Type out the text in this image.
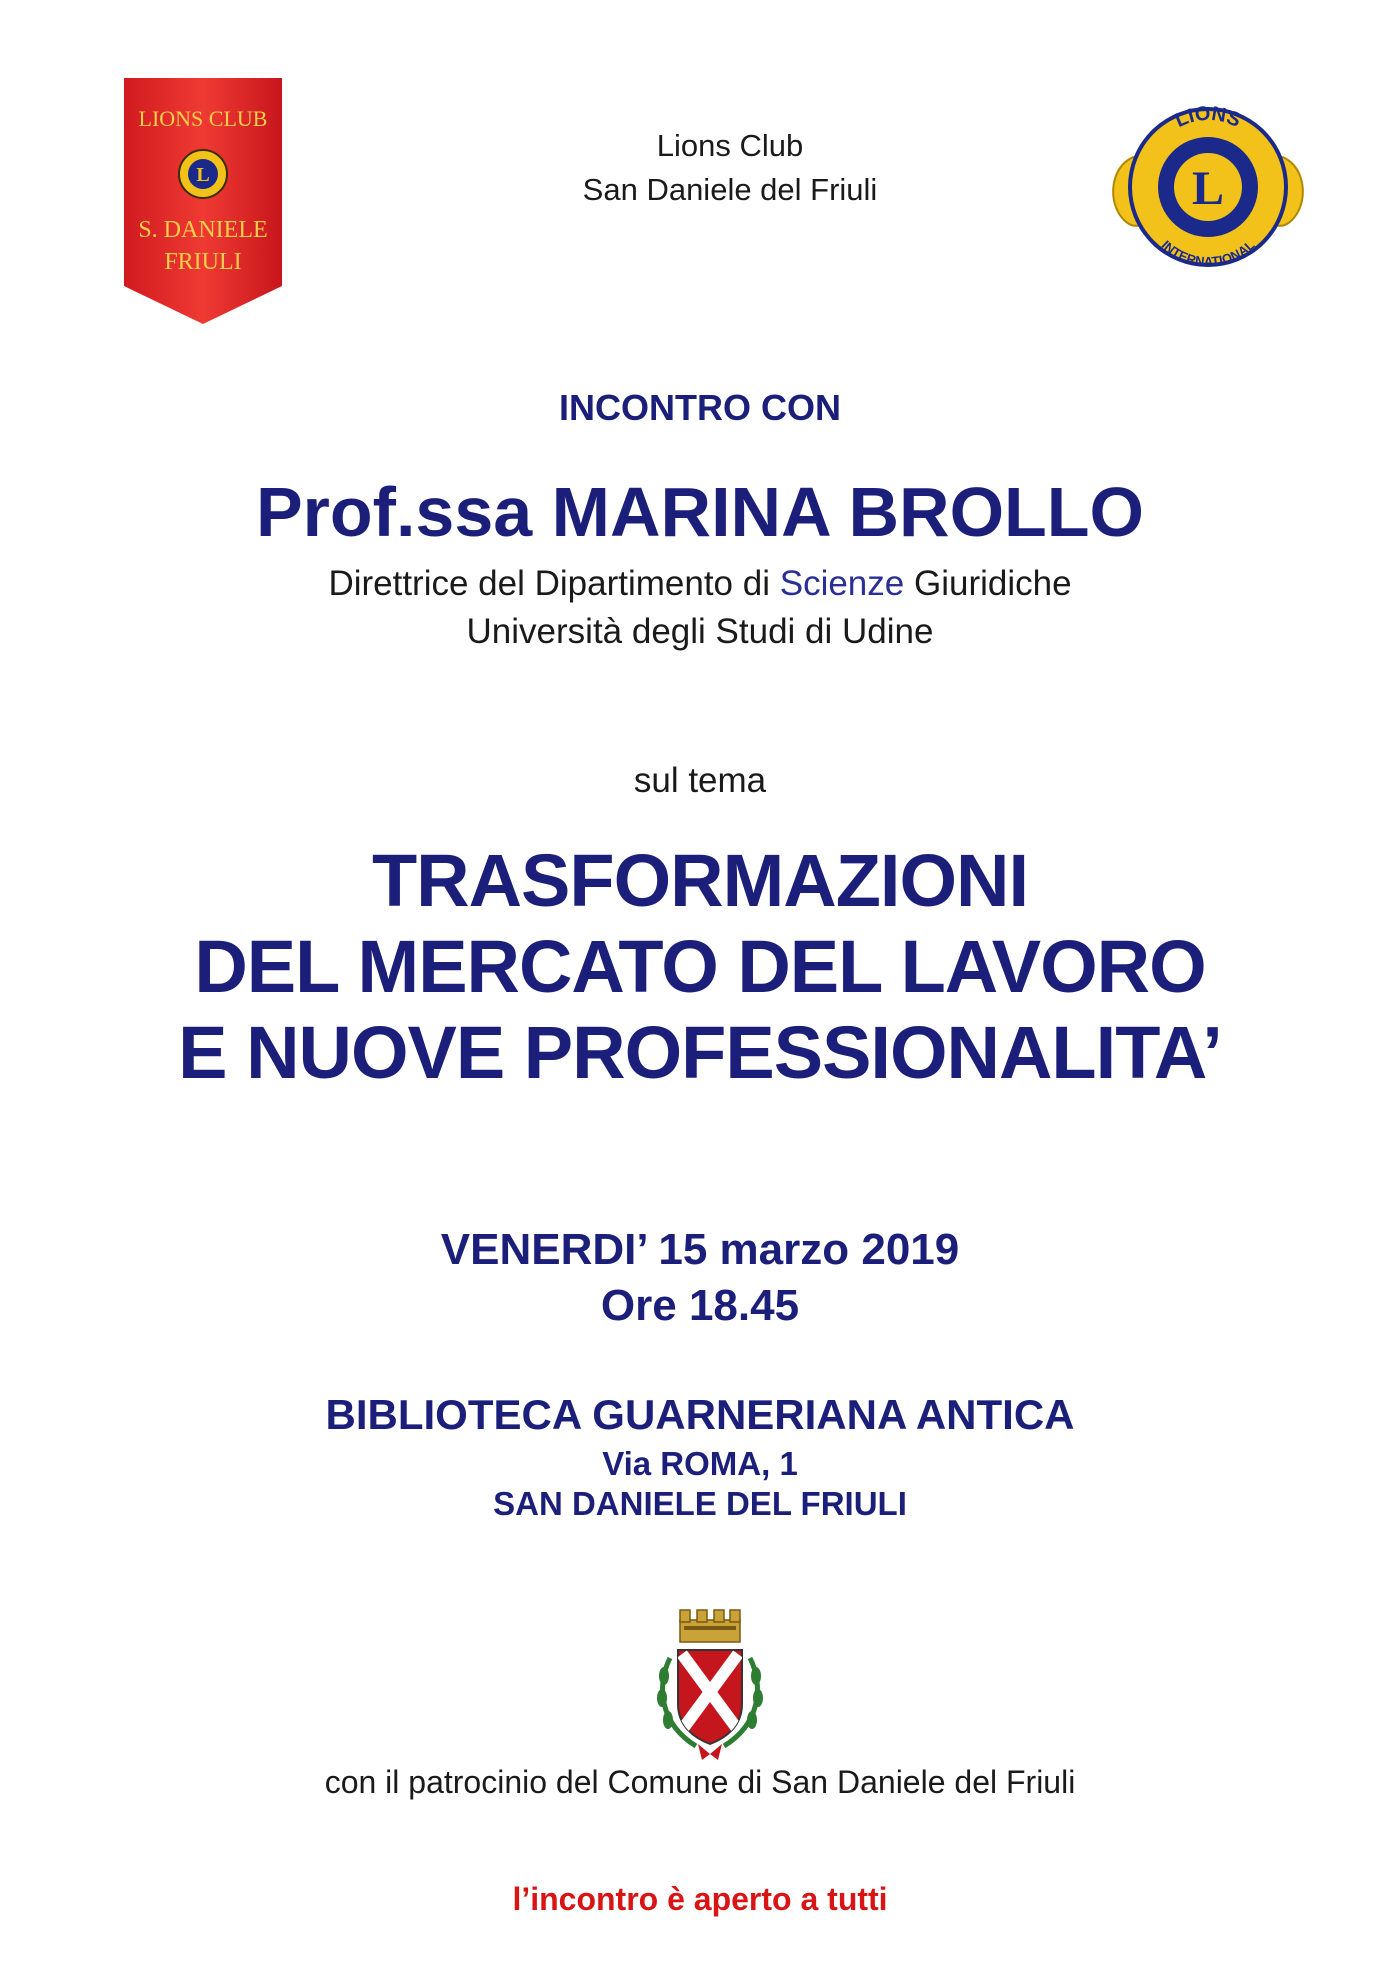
LIONS CLUB
L
S. DANIELE
FRIULI
Lions Club
San Daniele del Friuli	L
LIONS
INTERNATIONAL
INCONTRO CON
Prof.ssa MARINA BROLLO
Direttrice del Dipartimento di Scienze Giuridiche
Università degli Studi di Udine
sul tema
TRASFORMAZIONI
DEL MERCATO DEL LAVORO
E NUOVE PROFESSIONALITA’
VENERDI’ 15 marzo 2019
Ore 18.45
BIBLIOTECA GUARNERIANA ANTICA
Via ROMA, 1
SAN DANIELE DEL FRIULI
con il patrocinio del Comune di San Daniele del Friuli
l’incontro è aperto a tutti
